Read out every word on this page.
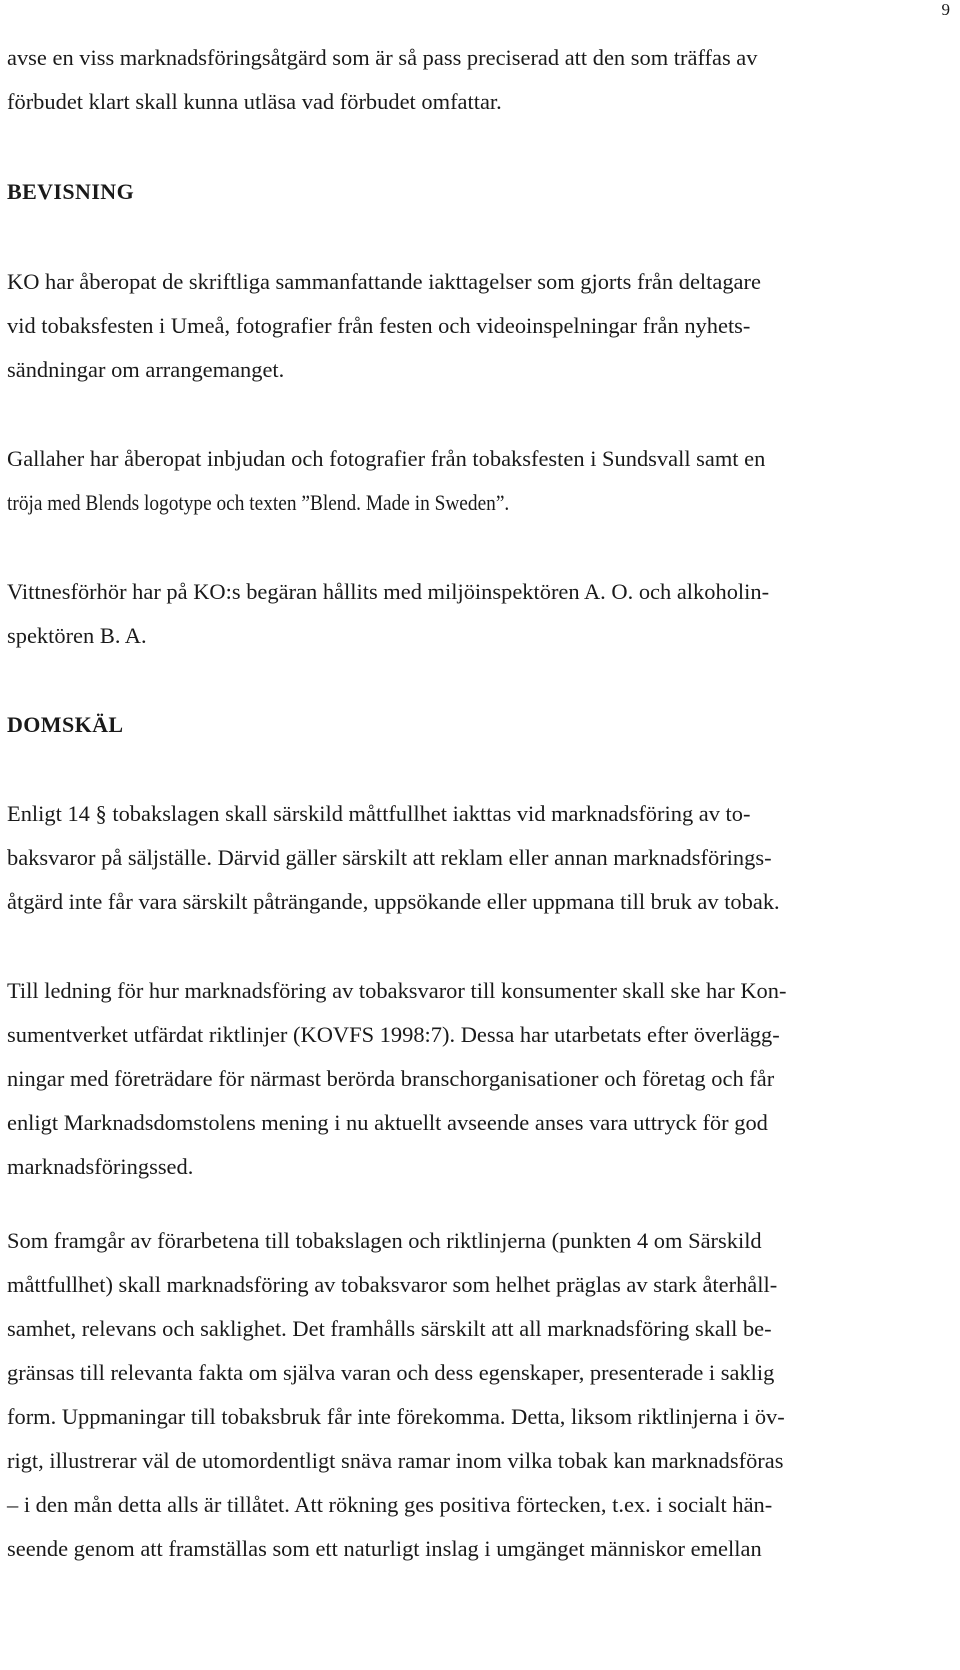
9
avse en viss marknadsföringsåtgärd som är så pass preciserad att den som träffas av
förbudet klart skall kunna utläsa vad förbudet omfattar.
BEVISNING
KO har åberopat de skriftliga sammanfattande iakttagelser som gjorts från deltagare
vid tobaksfesten i Umeå, fotografier från festen och videoinspelningar från nyhets-
sändningar om arrangemanget.
Gallaher har åberopat inbjudan och fotografier från tobaksfesten i Sundsvall samt en
tröja med Blends logotype och texten ”Blend. Made in Sweden”.
Vittnesförhör har på KO:s begäran hållits med miljöinspektören A. O. och alkoholin-
spektören B. A.
DOMSKÄL
Enligt 14 § tobakslagen skall särskild måttfullhet iakttas vid marknadsföring av to-
baksvaror på säljställe. Därvid gäller särskilt att reklam eller annan marknadsförings-
åtgärd inte får vara särskilt påträngande, uppsökande eller uppmana till bruk av tobak.
Till ledning för hur marknadsföring av tobaksvaror till konsumenter skall ske har Kon-
sumentverket utfärdat riktlinjer (KOVFS 1998:7). Dessa har utarbetats efter överlägg-
ningar med företrädare för närmast berörda branschorganisationer och företag och får
enligt Marknadsdomstolens mening i nu aktuellt avseende anses vara uttryck för god
marknadsföringssed.
Som framgår av förarbetena till tobakslagen och riktlinjerna (punkten 4 om Särskild
måttfullhet) skall marknadsföring av tobaksvaror som helhet präglas av stark återhåll-
samhet, relevans och saklighet. Det framhålls särskilt att all marknadsföring skall be-
gränsas till relevanta fakta om själva varan och dess egenskaper, presenterade i saklig
form. Uppmaningar till tobaksbruk får inte förekomma. Detta, liksom riktlinjerna i öv-
rigt, illustrerar väl de utomordentligt snäva ramar inom vilka tobak kan marknadsföras
– i den mån detta alls är tillåtet. Att rökning ges positiva förtecken, t.ex. i socialt hän-
seende genom att framställas som ett naturligt inslag i umgänget människor emellan
